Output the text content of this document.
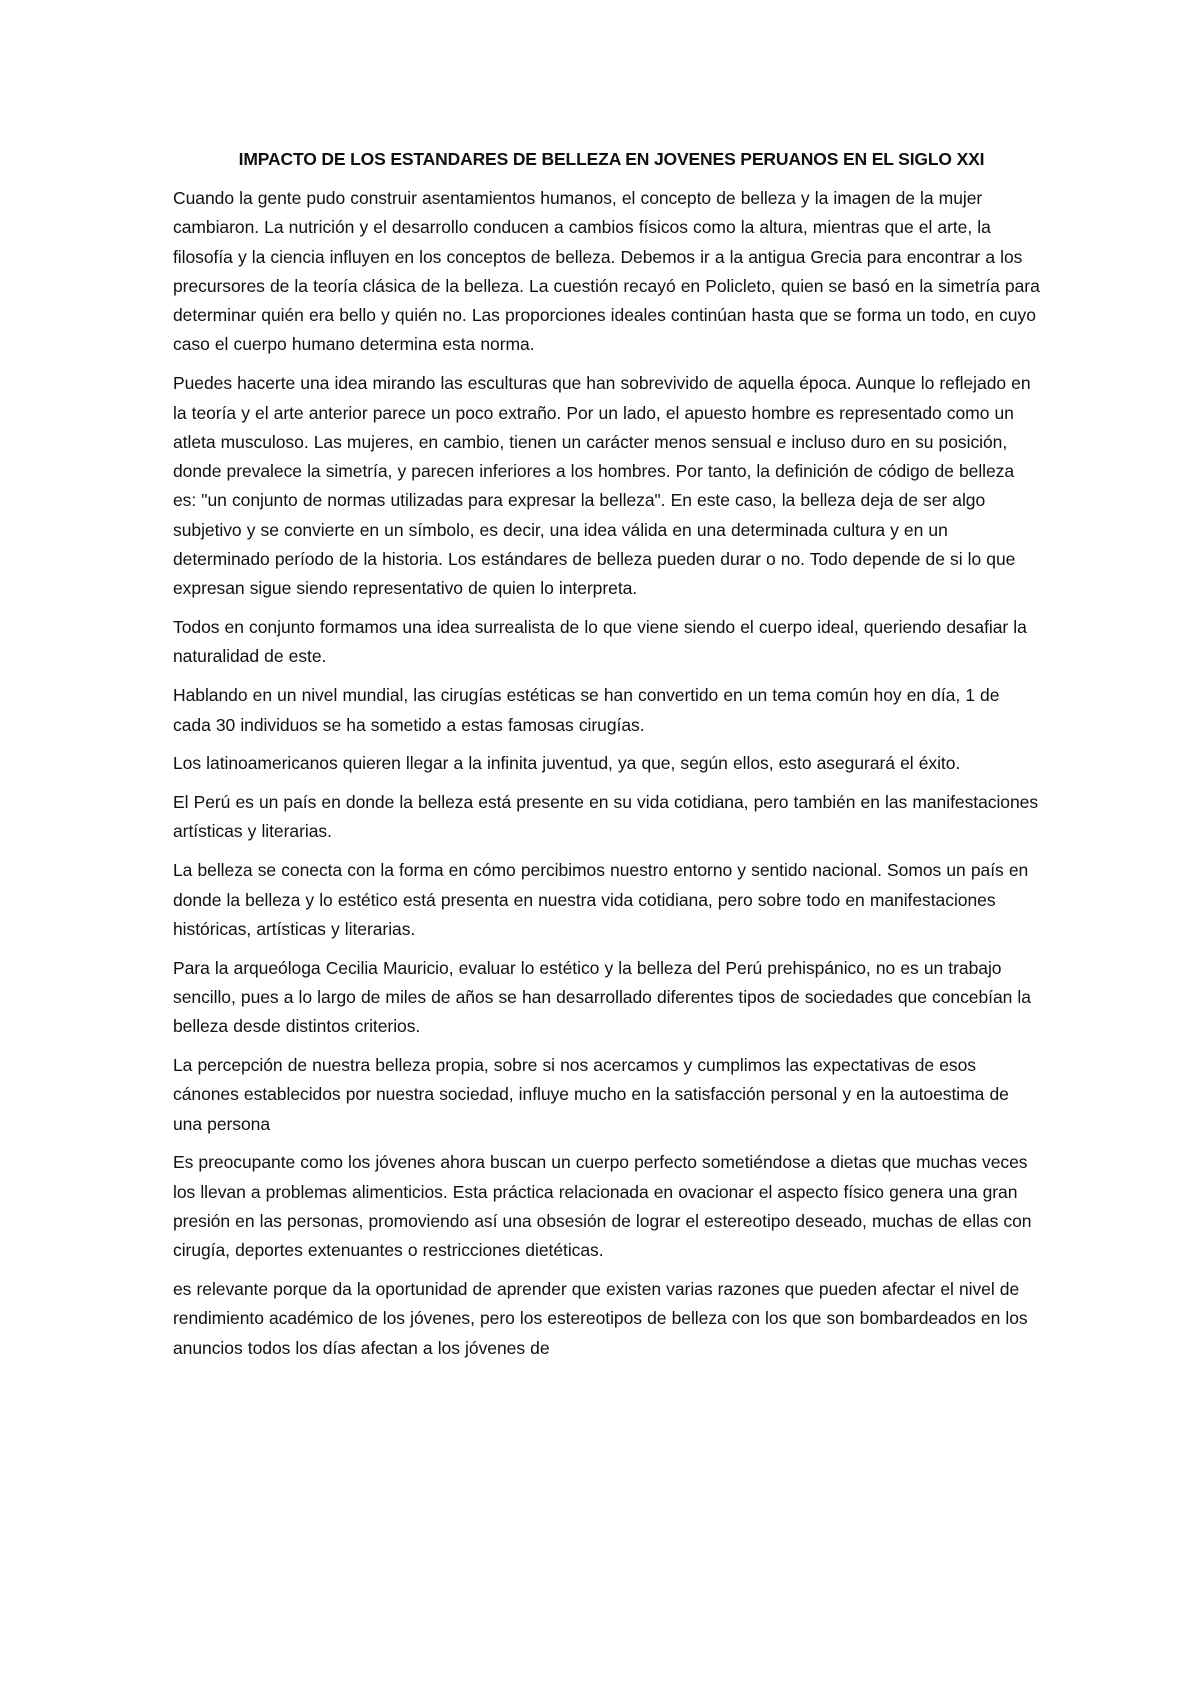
IMPACTO DE LOS ESTANDARES DE BELLEZA EN JOVENES PERUANOS EN EL SIGLO XXI

Cuando la gente pudo construir asentamientos humanos, el concepto de belleza y la imagen de la mujer cambiaron. La nutrición y el desarrollo conducen a cambios físicos como la altura, mientras que el arte, la filosofía y la ciencia influyen en los conceptos de belleza. Debemos ir a la antigua Grecia para encontrar a los precursores de la teoría clásica de la belleza. La cuestión recayó en Policleto, quien se basó en la simetría para determinar quién era bello y quién no. Las proporciones ideales continúan hasta que se forma un todo, en cuyo caso el cuerpo humano determina esta norma.

Puedes hacerte una idea mirando las esculturas que han sobrevivido de aquella época. Aunque lo reflejado en la teoría y el arte anterior parece un poco extraño. Por un lado, el apuesto hombre es representado como un atleta musculoso. Las mujeres, en cambio, tienen un carácter menos sensual e incluso duro en su posición, donde prevalece la simetría, y parecen inferiores a los hombres. Por tanto, la definición de código de belleza es: "un conjunto de normas utilizadas para expresar la belleza". En este caso, la belleza deja de ser algo subjetivo y se convierte en un símbolo, es decir, una idea válida en una determinada cultura y en un determinado período de la historia. Los estándares de belleza pueden durar o no. Todo depende de si lo que expresan sigue siendo representativo de quien lo interpreta.

Todos en conjunto formamos una idea surrealista de lo que viene siendo el cuerpo ideal, queriendo desafiar la naturalidad de este.

Hablando en un nivel mundial, las cirugías estéticas se han convertido en un tema común hoy en día, 1 de cada 30 individuos se ha sometido a estas famosas cirugías.

Los latinoamericanos quieren llegar a la infinita juventud, ya que, según ellos, esto asegurará el éxito.

El Perú es un país en donde la belleza está presente en su vida cotidiana, pero también en las manifestaciones artísticas y literarias.

La belleza se conecta con la forma en cómo percibimos nuestro entorno y sentido nacional. Somos un país en donde la belleza y lo estético está presenta en nuestra vida cotidiana, pero sobre todo en manifestaciones históricas, artísticas y literarias.

Para la arqueóloga Cecilia Mauricio, evaluar lo estético y la belleza del Perú prehispánico, no es un trabajo sencillo, pues a lo largo de miles de años se han desarrollado diferentes tipos de sociedades que concebían la belleza desde distintos criterios.

La percepción de nuestra belleza propia, sobre si nos acercamos y cumplimos las expectativas de esos cánones establecidos por nuestra sociedad, influye mucho en la satisfacción personal y en la autoestima de una persona

Es preocupante como los jóvenes ahora buscan un cuerpo perfecto sometiéndose a dietas que muchas veces los llevan a problemas alimenticios. Esta práctica relacionada en ovacionar el aspecto físico genera una gran presión en las personas, promoviendo así una obsesión de lograr el estereotipo deseado, muchas de ellas con cirugía, deportes extenuantes o restricciones dietéticas.

es relevante porque da la oportunidad de aprender que existen varias razones que pueden afectar el nivel de rendimiento académico de los jóvenes, pero los estereotipos de belleza con los que son bombardeados en los anuncios todos los días afectan a los jóvenes de
